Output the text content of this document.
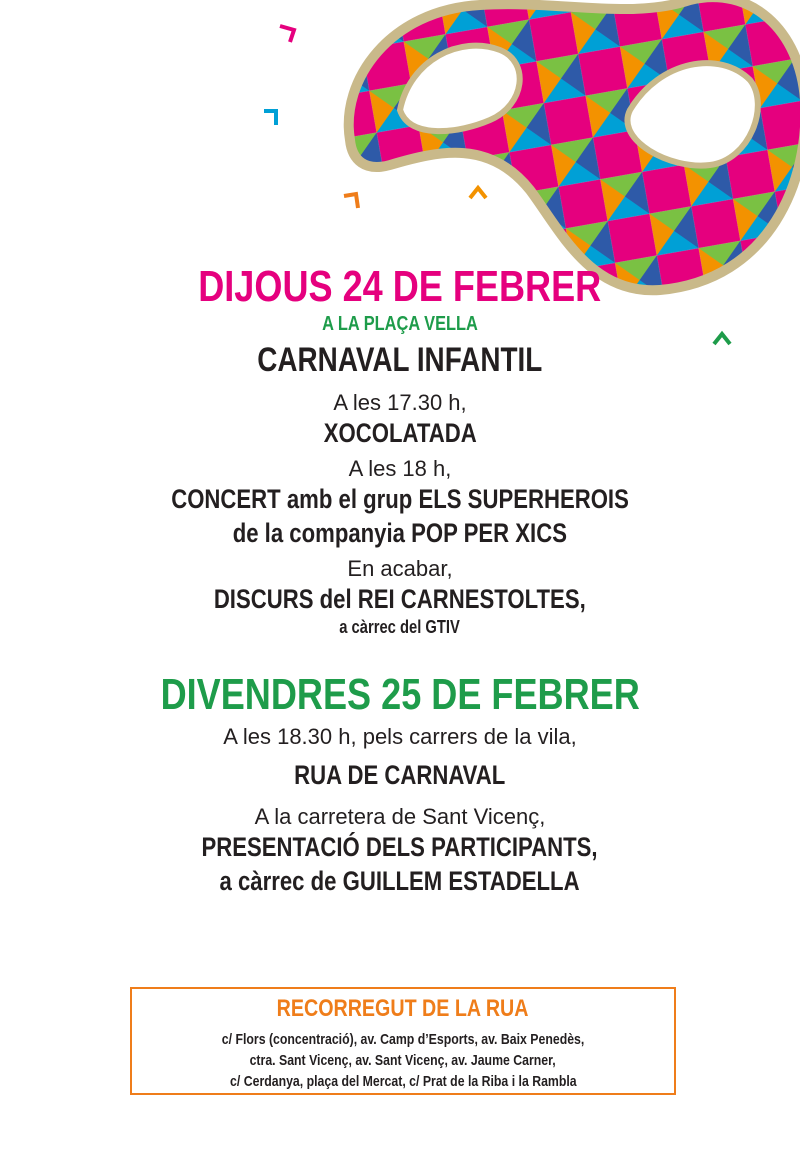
DIJOUS 24 DE FEBRER

A LA PLAÇA VELLA

CARNAVAL INFANTIL

A les 17.30 h,

XOCOLATADA

A les 18 h,

CONCERT amb el grup ELS SUPERHEROIS

de la companyia POP PER XICS

En acabar,

DISCURS del REI CARNESTOLTES,

a càrrec del GTIV

DIVENDRES 25 DE FEBRER

A les 18.30 h, pels carrers de la vila,

RUA DE CARNAVAL

A la carretera de Sant Vicenç,

PRESENTACIÓ DELS PARTICIPANTS,

a càrrec de GUILLEM ESTADELLA

RECORREGUT DE LA RUA
c/ Flors (concentració), av. Camp d’Esports, av. Baix Penedès,
ctra. Sant Vicenç, av. Sant Vicenç, av. Jaume Carner,
c/ Cerdanya, plaça del Mercat, c/ Prat de la Riba i la Rambla
